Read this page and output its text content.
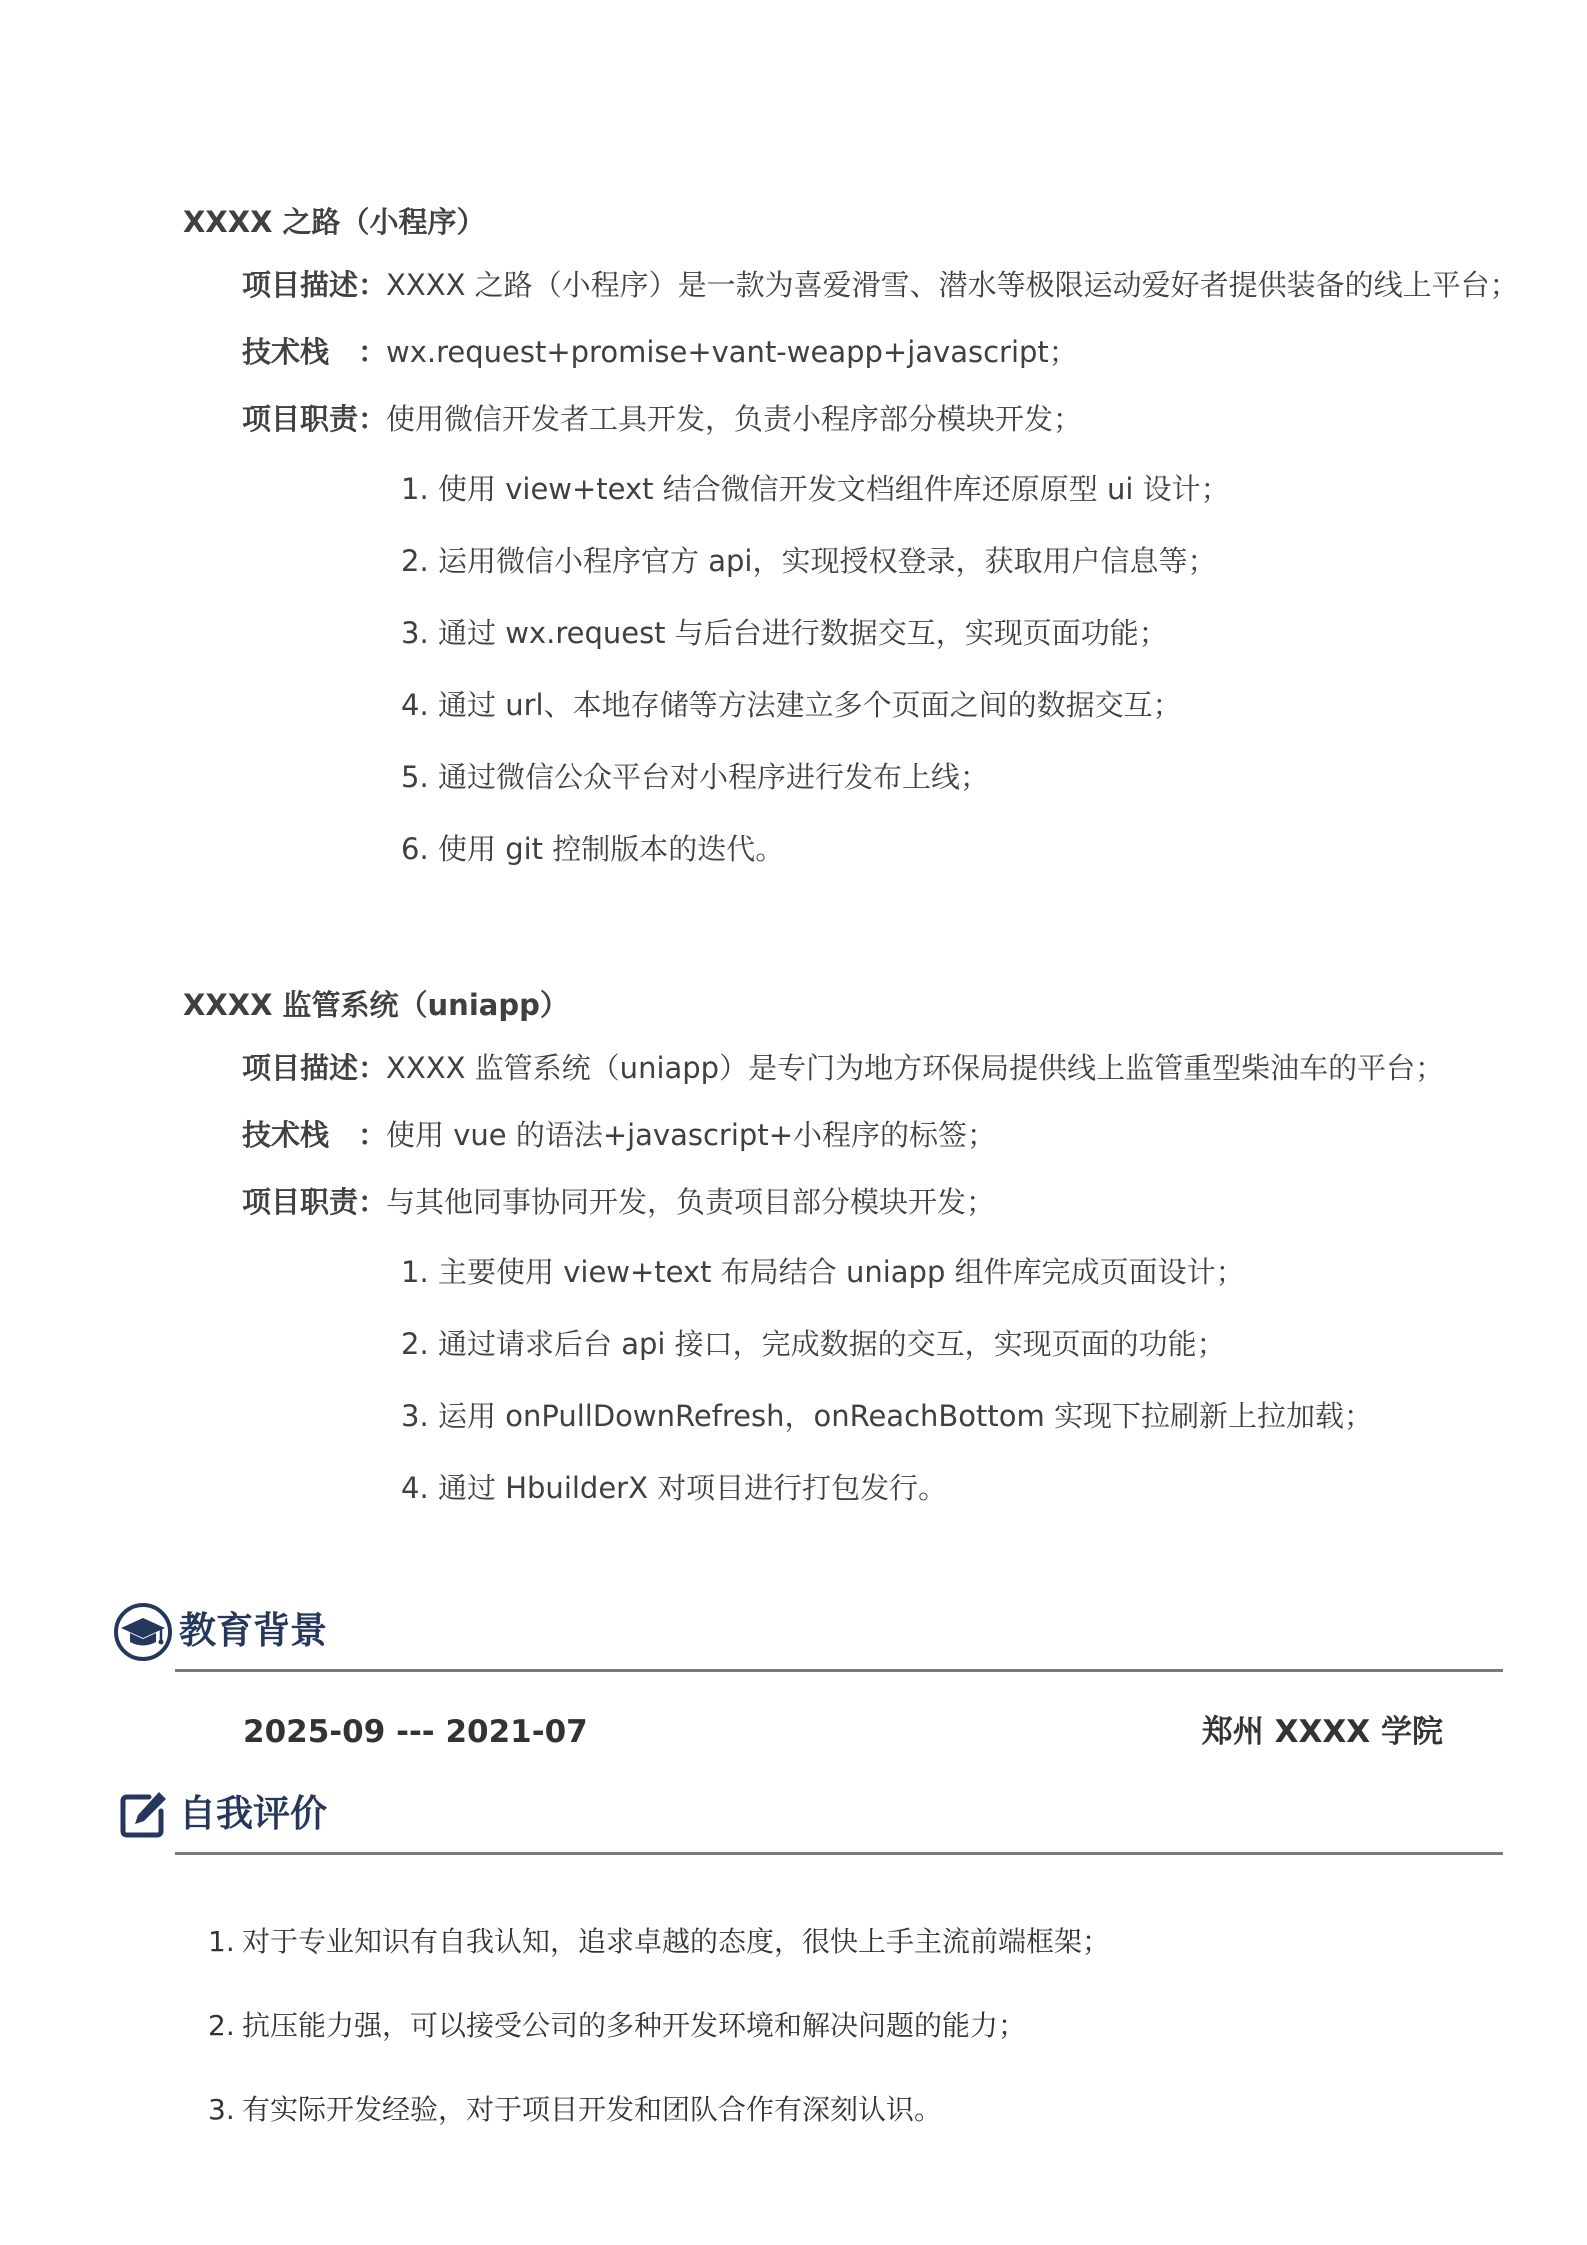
XXXX 之路（小程序）
项目描述：
XXXX 之路（小程序）是一款为喜爱滑雪、潜水等极限运动爱好者提供装备的线上平台；
技术栈　：
wx.request+promise+vant-weapp+javascript；
项目职责：
使用微信开发者工具开发，负责小程序部分模块开发；
1. 使用 view+text 结合微信开发文档组件库还原原型 ui 设计；
2. 运用微信小程序官方 api，实现授权登录，获取用户信息等；
3. 通过 wx.request 与后台进行数据交互，实现页面功能；
4. 通过 url、本地存储等方法建立多个页面之间的数据交互；
5. 通过微信公众平台对小程序进行发布上线；
6. 使用 git 控制版本的迭代。
XXXX 监管系统（uniapp）
项目描述：
XXXX 监管系统（uniapp）是专门为地方环保局提供线上监管重型柴油车的平台；
技术栈　：
使用 vue 的语法+javascript+小程序的标签；
项目职责：
与其他同事协同开发，负责项目部分模块开发；
1. 主要使用 view+text 布局结合 uniapp 组件库完成页面设计；
2. 通过请求后台 api 接口，完成数据的交互，实现页面的功能；
3. 运用 onPullDownRefresh，onReachBottom 实现下拉刷新上拉加载；
4. 通过 HbuilderX 对项目进行打包发行。
教育背景
2025-09 --- 2021-07	郑州 XXXX 学院
自我评价
1. 对于专业知识有自我认知，追求卓越的态度，很快上手主流前端框架；
2. 抗压能力强，可以接受公司的多种开发环境和解决问题的能力；
3. 有实际开发经验，对于项目开发和团队合作有深刻认识。
